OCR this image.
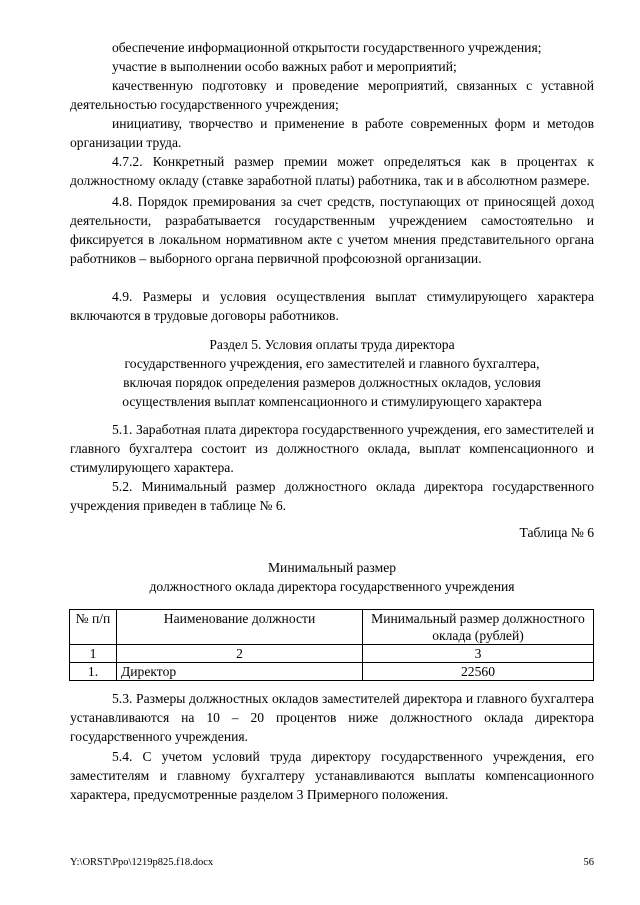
обеспечение информационной открытости государственного учреждения;
участие в выполнении особо важных работ и мероприятий;
качественную подготовку и проведение мероприятий, связанных с уставной деятельностью государственного учреждения;
инициативу, творчество и применение в работе современных форм и методов организации труда.
4.7.2. Конкретный размер премии может определяться как в процентах к должностному окладу (ставке заработной платы) работника, так и в абсолютном размере.
4.8. Порядок премирования за счет средств, поступающих от приносящей доход деятельности, разрабатывается государственным учреждением самостоятельно и фиксируется в локальном нормативном акте с учетом мнения представительного органа работников – выборного органа первичной профсоюзной организации.
4.9. Размеры и условия осуществления выплат стимулирующего характера включаются в трудовые договоры работников.
Раздел 5. Условия оплаты труда директора
государственного учреждения, его заместителей и главного бухгалтера,
включая порядок определения размеров должностных окладов, условия
осуществления выплат компенсационного и стимулирующего характера
5.1. Заработная плата директора государственного учреждения, его заместителей и главного бухгалтера состоит из должностного оклада, выплат компенсационного и стимулирующего характера.
5.2. Минимальный размер должностного оклада директора государственного учреждения приведен в таблице № 6.
Таблица № 6
Минимальный размер
должностного оклада директора государственного учреждения
№ п/п	Наименование должности	Минимальный размер должностного оклада (рублей)
1	2	3
1.	Директор	22560
5.3. Размеры должностных окладов заместителей директора и главного бухгалтера устанавливаются на 10 – 20 процентов ниже должностного оклада директора государственного учреждения.
5.4. С учетом условий труда директору государственного учреждения, его заместителям и главному бухгалтеру устанавливаются выплаты компенсационного характера, предусмотренные разделом 3 Примерного положения.
Y:\ORST\Ppo\1219p825.f18.docx	56
